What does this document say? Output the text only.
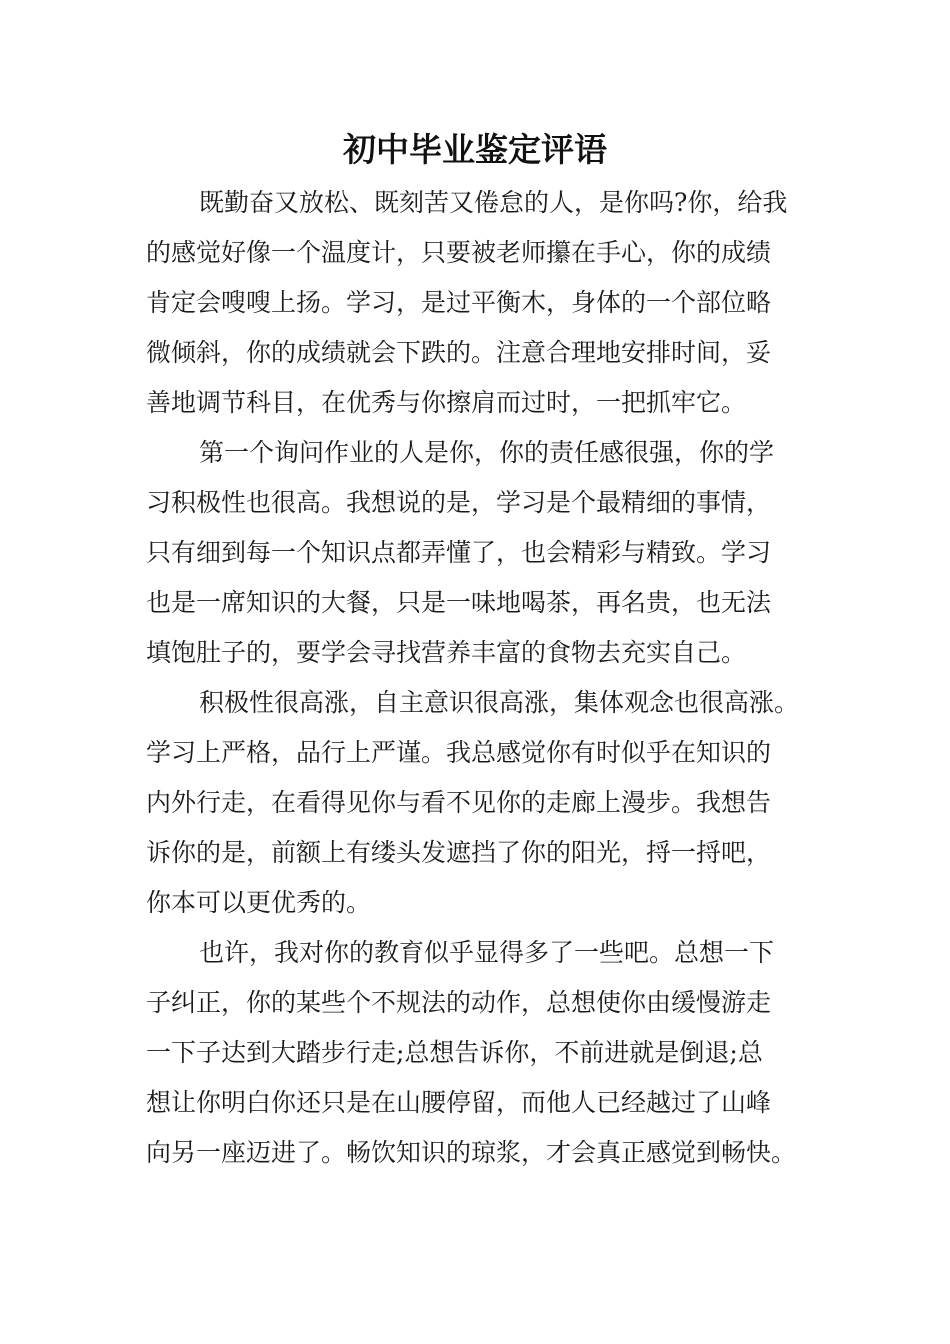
初中毕业鉴定评语
既勤奋又放松、既刻苦又倦怠的人，是你吗?你，给我
的感觉好像一个温度计，只要被老师攥在手心，你的成绩
肯定会嗖嗖上扬。学习，是过平衡木，身体的一个部位略
微倾斜，你的成绩就会下跌的。注意合理地安排时间，妥
善地调节科目，在优秀与你擦肩而过时，一把抓牢它。
第一个询问作业的人是你，你的责任感很强，你的学
习积极性也很高。我想说的是，学习是个最精细的事情，
只有细到每一个知识点都弄懂了，也会精彩与精致。学习
也是一席知识的大餐，只是一味地喝茶，再名贵，也无法
填饱肚子的，要学会寻找营养丰富的食物去充实自己。
积极性很高涨，自主意识很高涨，集体观念也很高涨。
学习上严格，品行上严谨。我总感觉你有时似乎在知识的
内外行走，在看得见你与看不见你的走廊上漫步。我想告
诉你的是，前额上有缕头发遮挡了你的阳光，捋一捋吧，
你本可以更优秀的。
也许，我对你的教育似乎显得多了一些吧。总想一下
子纠正，你的某些个不规法的动作，总想使你由缓慢游走
一下子达到大踏步行走;总想告诉你，不前进就是倒退;总
想让你明白你还只是在山腰停留，而他人已经越过了山峰
向另一座迈进了。畅饮知识的琼浆，才会真正感觉到畅快。
